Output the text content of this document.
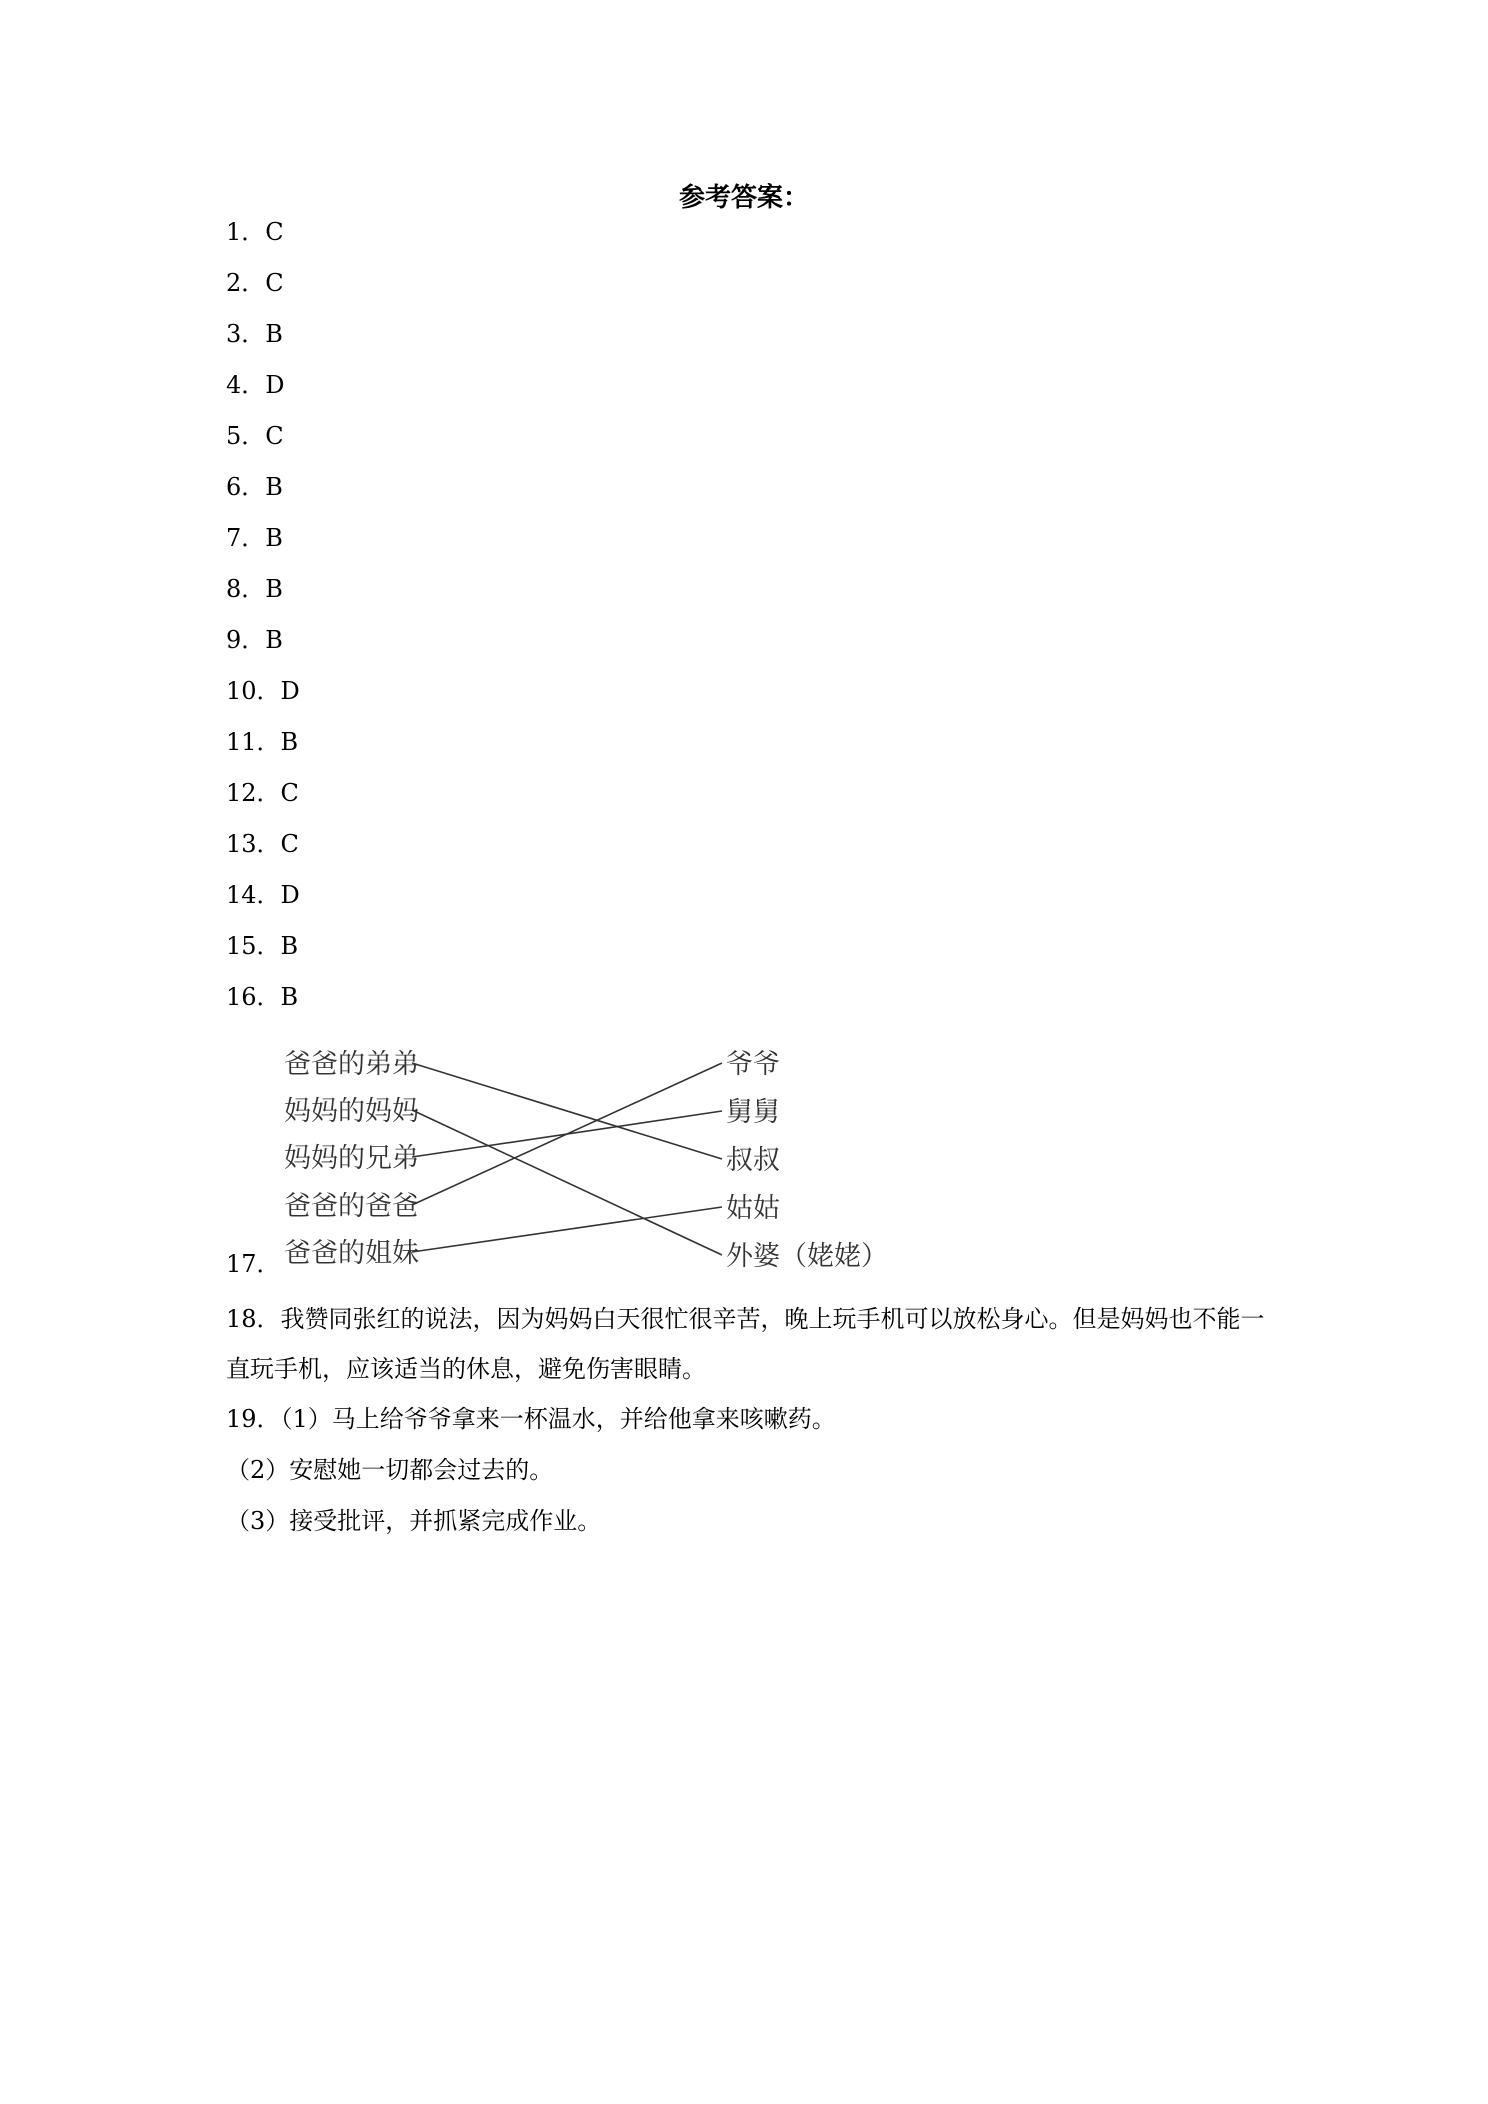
参考答案：
1．C
2．C
3．B
4．D
5．C
6．B
7．B
8．B
9．B
10．D
11．B
12．C
13．C
14．D
15．B
16．B
爸爸的弟弟
妈妈的妈妈
妈妈的兄弟
爸爸的爸爸
爸爸的姐妹
爷爷
舅舅
叔叔
姑姑
外婆（姥姥）
17．
18．我赞同张红的说法，因为妈妈白天很忙很辛苦，晚上玩手机可以放松身心。但是妈妈也不能一直玩手机，应该适当的休息，避免伤害眼睛。
19．（1）马上给爷爷拿来一杯温水，并给他拿来咳嗽药。
（2）安慰她一切都会过去的。
（3）接受批评，并抓紧完成作业。
